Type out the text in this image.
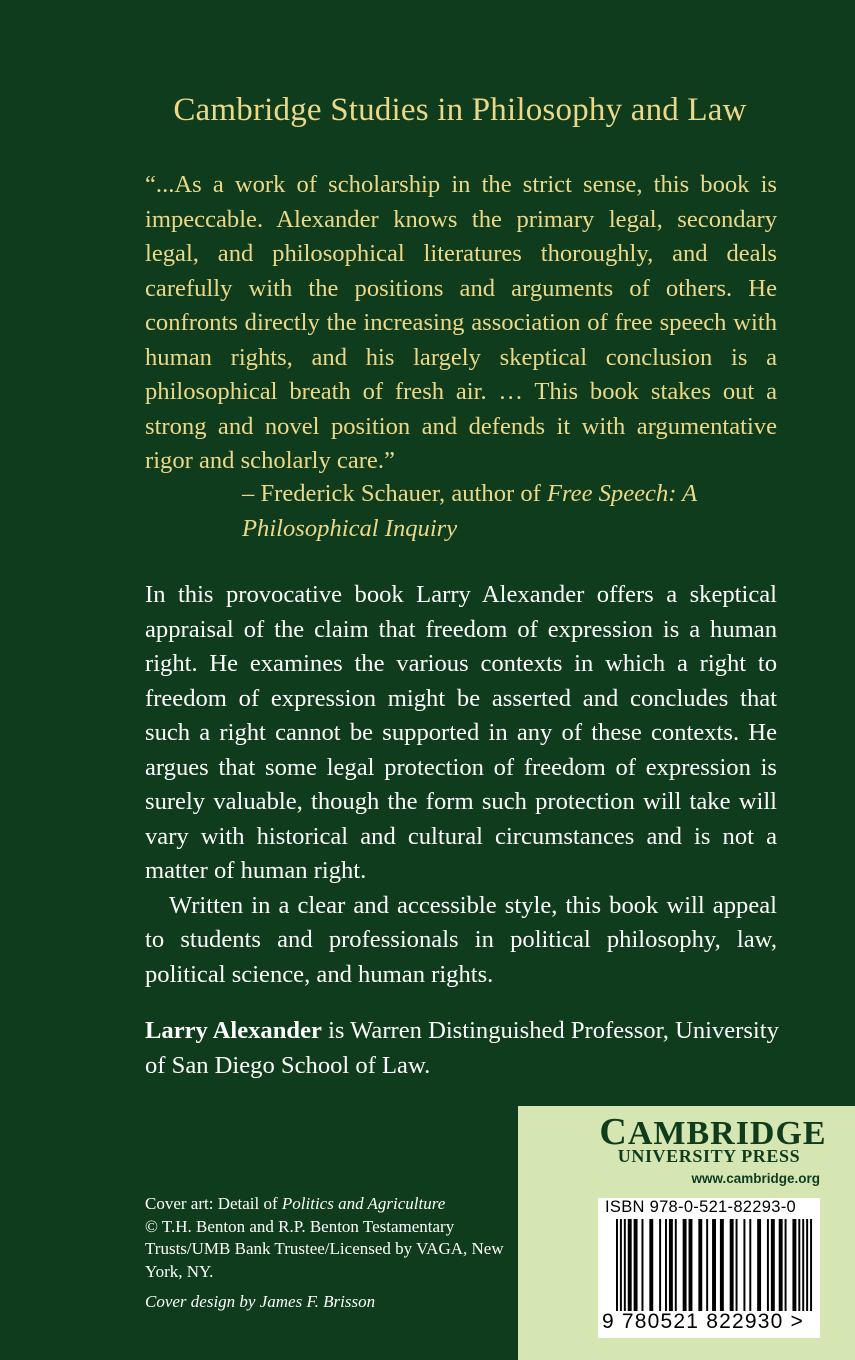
Cambridge Studies in Philosophy and Law
“...As a work of scholarship in the strict sense, this book is impeccable. Alexander knows the primary legal, secondary legal, and philosophical literatures thoroughly, and deals carefully with the positions and arguments of others. He confronts directly the increasing association of free speech with human rights, and his largely skeptical conclusion is a philosophical breath of fresh air. … This book stakes out a strong and novel position and defends it with argumentative rigor and scholarly care.”
– Frederick Schauer, author of Free Speech: A Philosophical Inquiry

In this provocative book Larry Alexander offers a skeptical appraisal of the claim that freedom of expression is a human right. He examines the various contexts in which a right to freedom of expression might be asserted and concludes that such a right cannot be supported in any of these contexts. He argues that some legal protection of freedom of expression is surely valuable, though the form such protection will take will vary with historical and cultural circumstances and is not a matter of human right.

Written in a clear and accessible style, this book will appeal to students and professionals in political philosophy, law, political science, and human rights.

Larry Alexander is Warren Distinguished Professor, University of San Diego School of Law.
Cover art: Detail of Politics and Agriculture
© T.H. Benton and R.P. Benton Testamentary Trusts/UMB Bank Trustee/Licensed by VAGA, New York, NY.
Cover design by James F. Brisson
CAMBRIDGE
UNIVERSITY PRESS
www.cambridge.org
ISBN 978-0-521-82293-0
9 780521 822930 >
